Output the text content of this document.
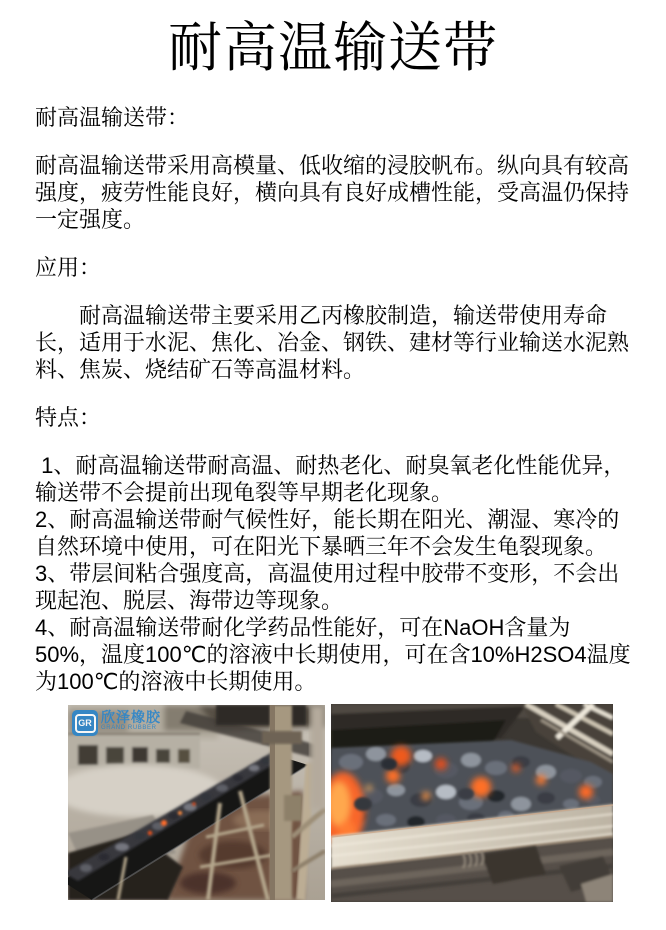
耐高温输送带

耐高温输送带：

耐高温输送带采用高模量、低收缩的浸胶帆布。纵向具有较高强度，疲劳性能良好，横向具有良好成槽性能，受高温仍保持一定强度。

应用：

　　耐高温输送带主要采用乙丙橡胶制造，输送带使用寿命长，适用于水泥、焦化、冶金、钢铁、建材等行业输送水泥熟料、焦炭、烧结矿石等高温材料。

特点：

1、耐高温输送带耐高温、耐热老化、耐臭氧老化性能优异，输送带不会提前出现龟裂等早期老化现象。

2、耐高温输送带耐气候性好，能长期在阳光、潮湿、寒冷的自然环境中使用，可在阳光下暴晒三年不会发生龟裂现象。

3、带层间粘合强度高，高温使用过程中胶带不变形，不会出现起泡、脱层、海带边等现象。

4、耐高温输送带耐化学药品性能好，可在NaOH含量为50%，温度100℃的溶液中长期使用，可在含10%H2SO4温度为100℃的溶液中长期使用。

GR 欣泽橡胶
GRAND RUBBER
